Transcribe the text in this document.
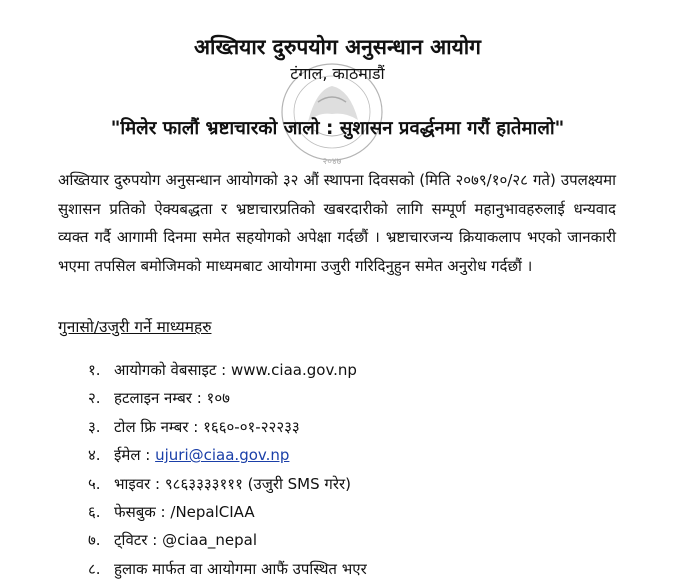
२०४७
अख्तियार दुरुपयोग अनुसन्धान आयोग
टंगाल, काठमाडौं
"मिलेर फालौं भ्रष्टाचारको जालो : सुशासन प्रवर्द्धनमा गरौं हातेमालो"

अख्तियार दुरुपयोग अनुसन्धान आयोगको ३२ औं स्थापना दिवसको (मिति २०७९/१०/२८ गते) उपलक्ष्यमा सुशासन प्रतिको ऐक्यबद्धता र भ्रष्टाचारप्रतिको खबरदारीको लागि सम्पूर्ण महानुभावहरुलाई धन्यवाद व्यक्त गर्दै आगामी दिनमा समेत सहयोगको अपेक्षा गर्दछौं । भ्रष्टाचारजन्य क्रियाकलाप भएको जानकारी भएमा तपसिल बमोजिमको माध्यमबाट आयोगमा उजुरी गरिदिनुहुन समेत अनुरोध गर्दछौं ।

गुनासो/उजुरी गर्ने माध्यमहरु
१. आयोगको वेबसाइट : www.ciaa.gov.np
२. हटलाइन नम्बर : १०७
३. टोल फ्रि नम्बर : १६६०-०१-२२२३३
४. ईमेल : ujuri@ciaa.gov.np
५. भाइवर : ९८६३३३३१११ (उजुरी SMS गरेर)
६. फेसबुक : /NepalCIAA
७. ट्विटर : @ciaa_nepal
८. हुलाक मार्फत वा आयोगमा आफैं उपस्थित भएर
